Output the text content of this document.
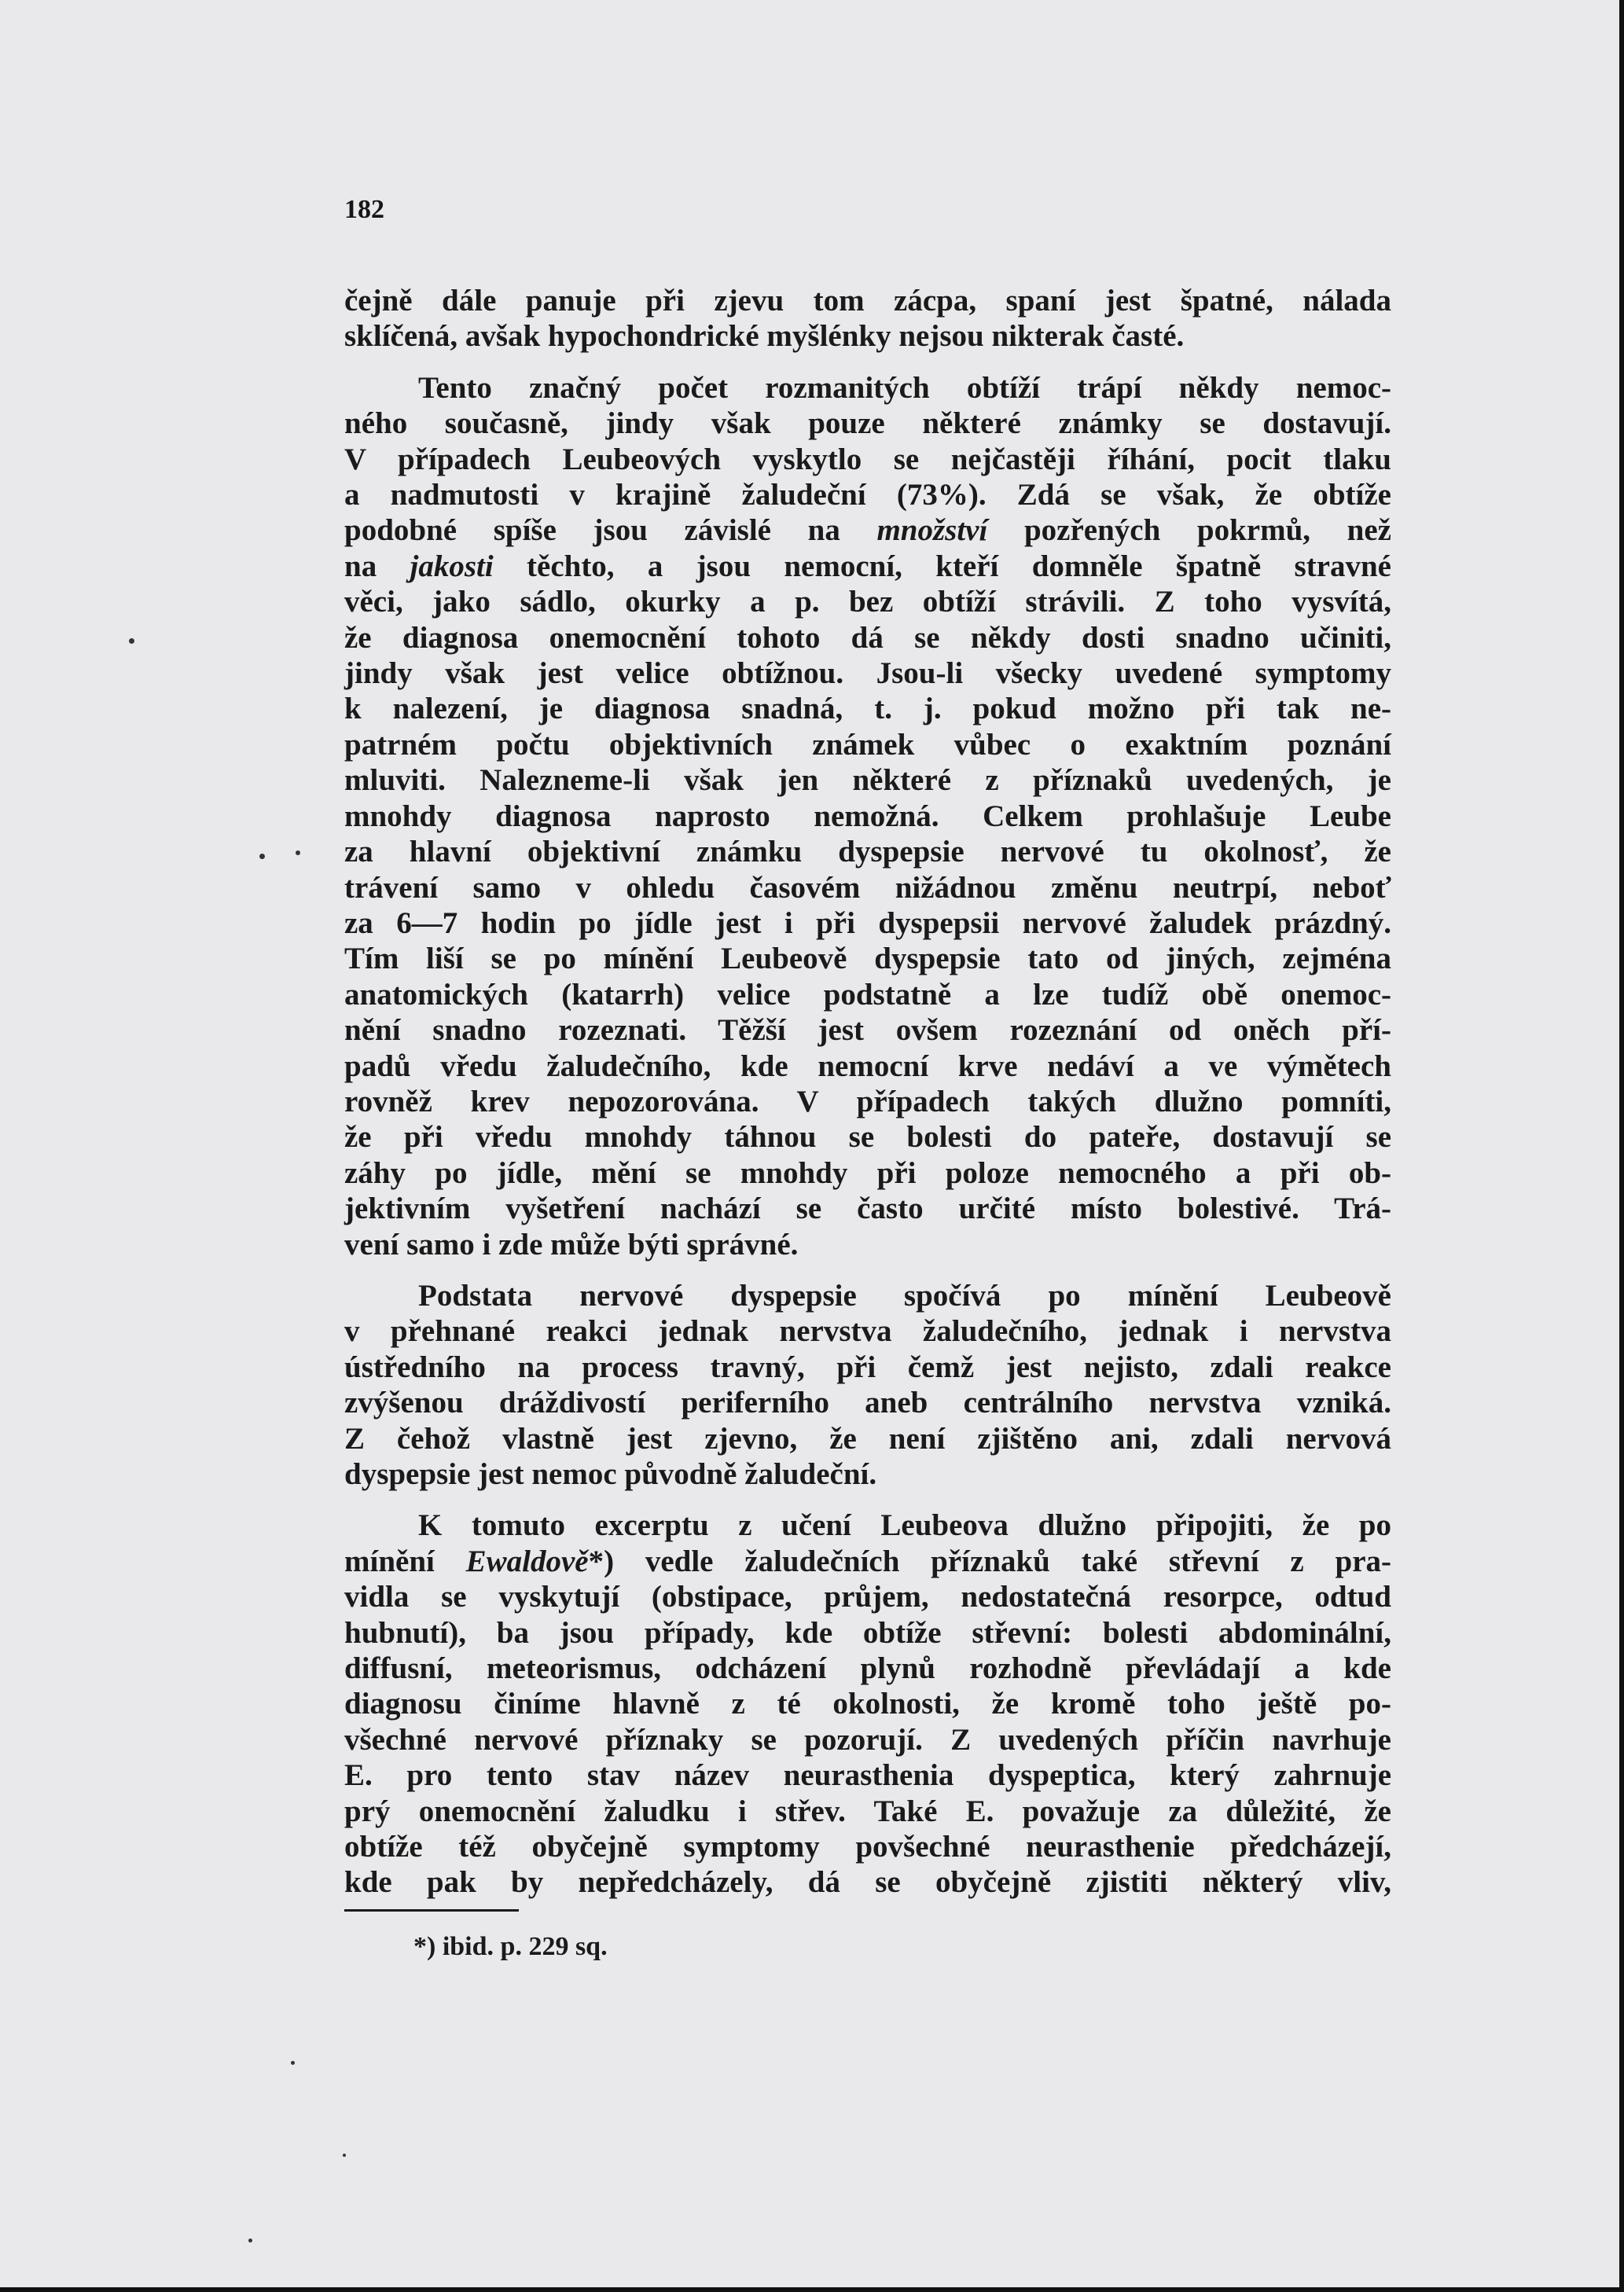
182

čejně dále panuje při zjevu tom zácpa, spaní jest špatné, nálada
sklíčená, avšak hypochondrické myšlénky nejsou nikterak časté.

Tento značný počet rozmanitých obtíží trápí někdy nemoc-
ného současně, jindy však pouze některé známky se dostavují.
V případech Leubeových vyskytlo se nejčastěji říhání, pocit tlaku
a nadmutosti v krajině žaludeční (73%). Zdá se však, že obtíže
podobné spíše jsou závislé na množství pozřených pokrmů, než
na jakosti těchto, a jsou nemocní, kteří domněle špatně stravné
věci, jako sádlo, okurky a p. bez obtíží strávili. Z toho vysvítá,
že diagnosa onemocnění tohoto dá se někdy dosti snadno učiniti,
jindy však jest velice obtížnou. Jsou-li všecky uvedené symptomy
k nalezení, je diagnosa snadná, t. j. pokud možno při tak ne-
patrném počtu objektivních známek vůbec o exaktním poznání
mluviti. Nalezneme-li však jen některé z příznaků uvedených, je
mnohdy diagnosa naprosto nemožná. Celkem prohlašuje Leube
za hlavní objektivní známku dyspepsie nervové tu okolnosť, že
trávení samo v ohledu časovém nižádnou změnu neutrpí, neboť
za 6—7 hodin po jídle jest i při dyspepsii nervové žaludek prázdný.
Tím liší se po mínění Leubeově dyspepsie tato od jiných, zejména
anatomických (katarrh) velice podstatně a lze tudíž obě onemoc-
nění snadno rozeznati. Těžší jest ovšem rozeznání od oněch pří-
padů vředu žaludečního, kde nemocní krve nedáví a ve výmětech
rovněž krev nepozorována. V případech takých dlužno pomníti,
že při vředu mnohdy táhnou se bolesti do pateře, dostavují se
záhy po jídle, mění se mnohdy při poloze nemocného a při ob-
jektivním vyšetření nachází se často určité místo bolestivé. Trá-
vení samo i zde může býti správné.

Podstata nervové dyspepsie spočívá po mínění Leubeově
v přehnané reakci jednak nervstva žaludečního, jednak i nervstva
ústředního na process travný, při čemž jest nejisto, zdali reakce
zvýšenou dráždivostí periferního aneb centrálního nervstva vzniká.
Z čehož vlastně jest zjevno, že není zjištěno ani, zdali nervová
dyspepsie jest nemoc původně žaludeční.

K tomuto excerptu z učení Leubeova dlužno připojiti, že po
mínění Ewaldově*) vedle žaludečních příznaků také střevní z pra-
vidla se vyskytují (obstipace, průjem, nedostatečná resorpce, odtud
hubnutí), ba jsou případy, kde obtíže střevní: bolesti abdominální,
diffusní, meteorismus, odcházení plynů rozhodně převládají a kde
diagnosu činíme hlavně z té okolnosti, že kromě toho ještě po-
všechné nervové příznaky se pozorují. Z uvedených příčin navrhuje
E. pro tento stav název neurasthenia dyspeptica, který zahrnuje
prý onemocnění žaludku i střev. Také E. považuje za důležité, že
obtíže též obyčejně symptomy povšechné neurasthenie předcházejí,
kde pak by nepředcházely, dá se obyčejně zjistiti některý vliv,

*) ibid. p. 229 sq.
